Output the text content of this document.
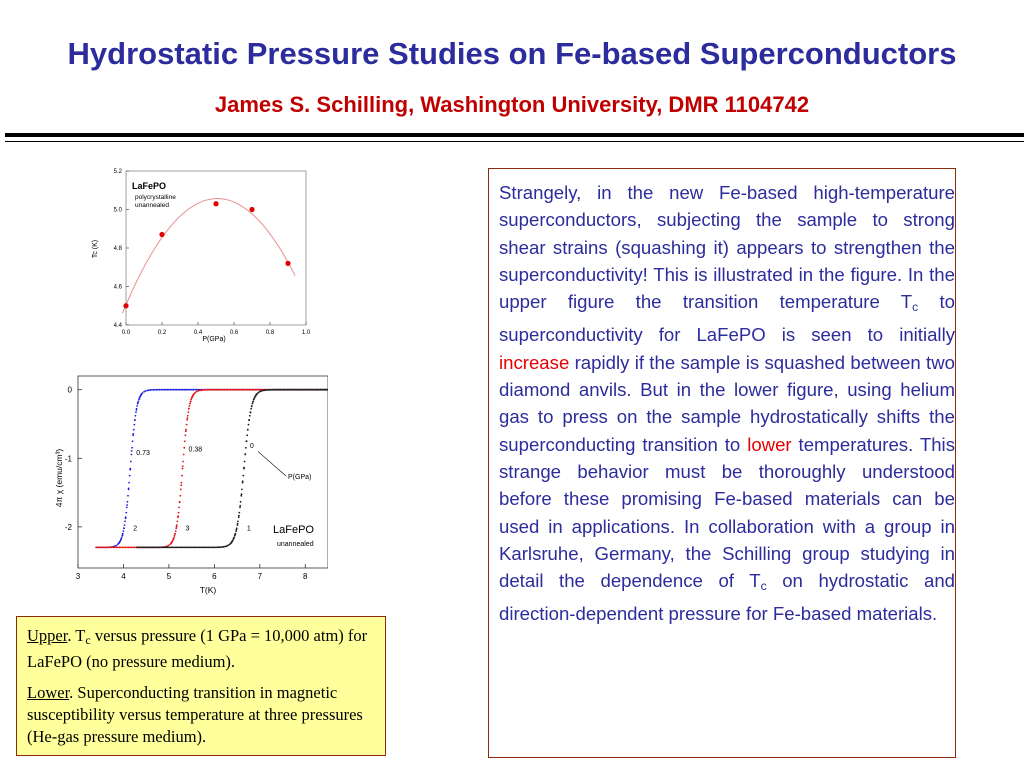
Hydrostatic Pressure Studies on Fe-based Superconductors
James S. Schilling, Washington University, DMR 1104742
LaFePO
polycrystalline
unannealed
P(GPa)
Tc (K)
0.0	0.2	0.4	0.6	0.8	1.0
4.4
4.6
4.8
5.0
5.2
LaFePO
unannealed
T(K)
4π χ (emu/cm³)	P(GPa)
3	4	5	6	7	8
0
-1
-2
0.73
2
0.38
3
0
1

Strangely, in the new Fe-based high-temperature superconductors, subjecting the sample to strong shear strains (squashing it) appears to strengthen the superconductivity! This is illustrated in the figure. In the upper figure the transition temperature $T_c$ to superconductivity for LaFePO is seen to initially increase rapidly if the sample is squashed between two diamond anvils. But in the lower figure, using helium gas to press on the sample hydrostatically shifts the superconducting transition to lower temperatures. This strange behavior must be thoroughly understood before these promising Fe-based materials can be used in applications. In collaboration with a group in Karlsruhe, Germany, the Schilling group studying in detail the dependence of $T_c$ on hydrostatic and direction-dependent pressure for Fe-based materials.

Upper. $T_c$ versus pressure (1 GPa = 10,000 atm) for LaFePO (no pressure medium).

Lower. Superconducting transition in magnetic susceptibility versus temperature at three pressures (He-gas pressure medium).
